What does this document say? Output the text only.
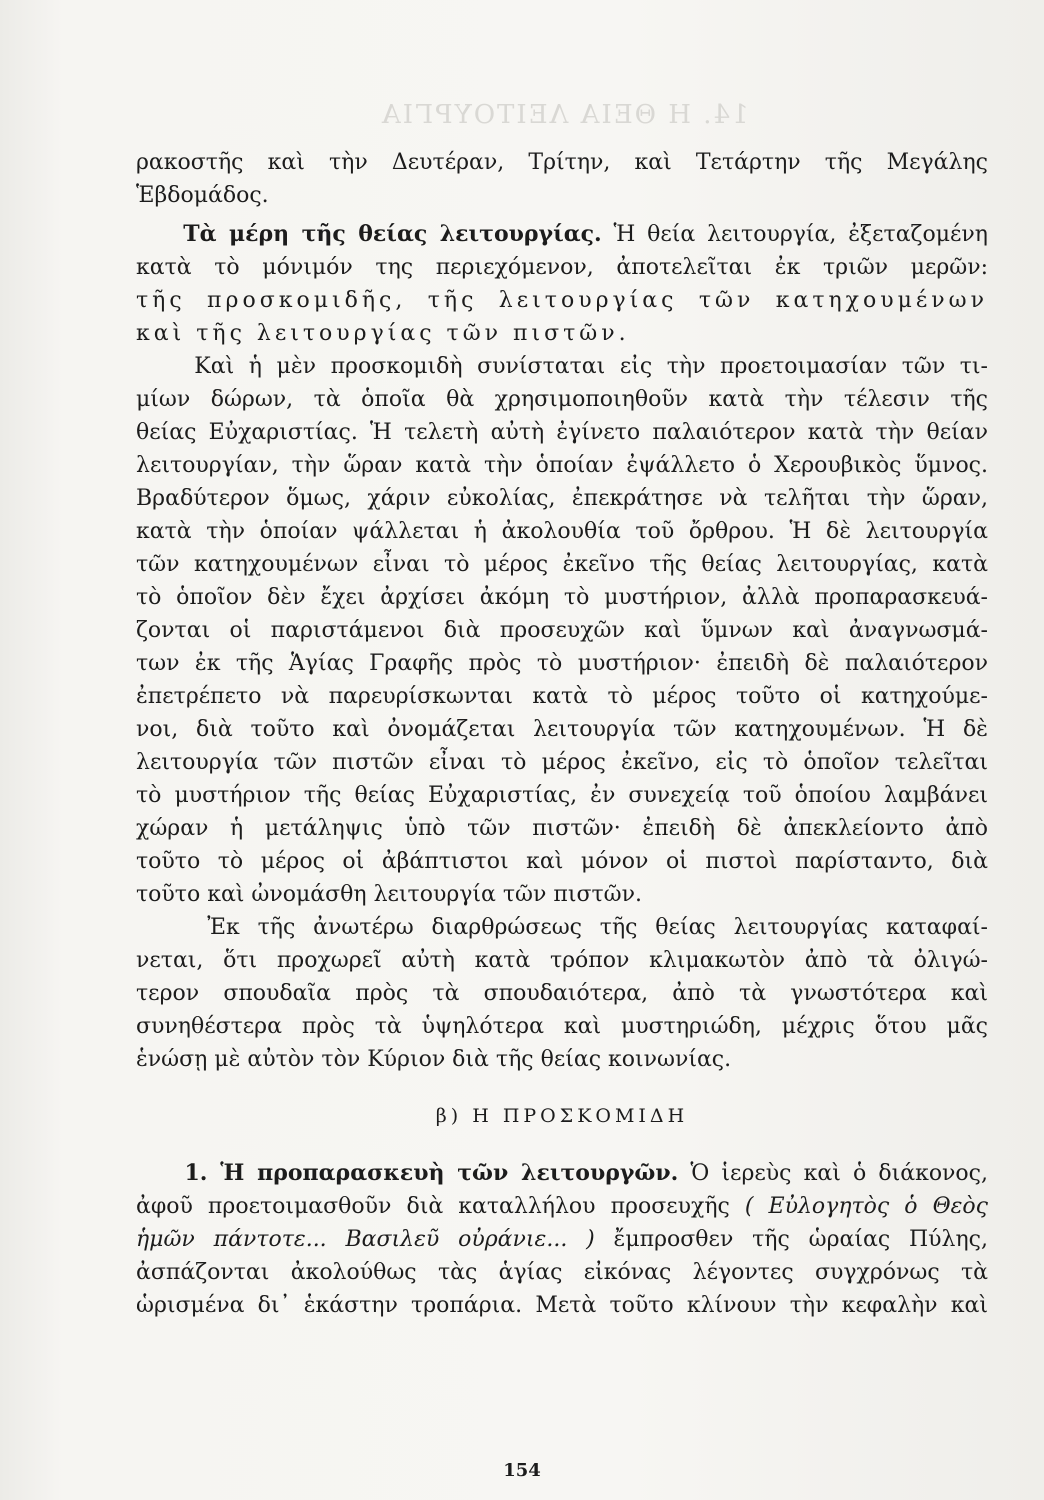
14. Η ΘΕΙΑ ΛΕΙΤΟΥΡΓΙΑ
ρακοστῆς καὶ τὴν Δευτέραν, Τρίτην, καὶ Τετάρτην τῆς Μεγάλης
Ἑβδομάδος.
Τὰ μέρη τῆς θείας λειτουργίας. Ἡ θεία λειτουργία, ἐξεταζομένη
κατὰ τὸ μόνιμόν της περιεχόμενον, ἀποτελεῖται ἐκ τριῶν μερῶν:
τῆς προσκομιδῆς, τῆς λειτουργίας τῶν κατηχουμένων
καὶ τῆς λειτουργίας τῶν πιστῶν.
Καὶ ἡ μὲν προσκομιδὴ συνίσταται εἰς τὴν προετοιμασίαν τῶν τι-
μίων δώρων, τὰ ὁποῖα θὰ χρησιμοποιηθοῦν κατὰ τὴν τέλεσιν τῆς
θείας Εὐχαριστίας. Ἡ τελετὴ αὐτὴ ἐγίνετο παλαιότερον κατὰ τὴν θείαν
λειτουργίαν, τὴν ὥραν κατὰ τὴν ὁποίαν ἐψάλλετο ὁ Χερουβικὸς ὕμνος.
Βραδύτερον ὅμως, χάριν εὐκολίας, ἐπεκράτησε νὰ τελῆται τὴν ὥραν,
κατὰ τὴν ὁποίαν ψάλλεται ἡ ἀκολουθία τοῦ ὄρθρου. Ἡ δὲ λειτουργία
τῶν κατηχουμένων εἶναι τὸ μέρος ἐκεῖνο τῆς θείας λειτουργίας, κατὰ
τὸ ὁποῖον δὲν ἔχει ἀρχίσει ἀκόμη τὸ μυστήριον, ἀλλὰ προπαρασκευά-
ζονται οἱ παριστάμενοι διὰ προσευχῶν καὶ ὕμνων καὶ ἀναγνωσμά-
των ἐκ τῆς Ἁγίας Γραφῆς πρὸς τὸ μυστήριον· ἐπειδὴ δὲ παλαιότερον
ἐπετρέπετο νὰ παρευρίσκωνται κατὰ τὸ μέρος τοῦτο οἱ κατηχούμε-
νοι, διὰ τοῦτο καὶ ὀνομάζεται λειτουργία τῶν κατηχουμένων. Ἡ δὲ
λειτουργία τῶν πιστῶν εἶναι τὸ μέρος ἐκεῖνο, εἰς τὸ ὁποῖον τελεῖται
τὸ μυστήριον τῆς θείας Εὐχαριστίας, ἐν συνεχείᾳ τοῦ ὁποίου λαμβάνει
χώραν ἡ μετάληψις ὑπὸ τῶν πιστῶν· ἐπειδὴ δὲ ἀπεκλείοντο ἀπὸ
τοῦτο τὸ μέρος οἱ ἀβάπτιστοι καὶ μόνον οἱ πιστοὶ παρίσταντο, διὰ
τοῦτο καὶ ὠνομάσθη λειτουργία τῶν πιστῶν.
Ἐκ τῆς ἀνωτέρω διαρθρώσεως τῆς θείας λειτουργίας καταφαί-
νεται, ὅτι προχωρεῖ αὐτὴ κατὰ τρόπον κλιμακωτὸν ἀπὸ τὰ ὀλιγώ-
τερον σπουδαῖα πρὸς τὰ σπουδαιότερα, ἀπὸ τὰ γνωστότερα καὶ
συνηθέστερα πρὸς τὰ ὑψηλότερα καὶ μυστηριώδη, μέχρις ὅτου μᾶς
ἑνώσῃ μὲ αὐτὸν τὸν Κύριον διὰ τῆς θείας κοινωνίας.
β) Η ΠΡΟΣΚΟΜΙΔΗ
1. Ἡ προπαρασκευὴ τῶν λειτουργῶν. Ὁ ἱερεὺς καὶ ὁ διάκονος,
ἀφοῦ προετοιμασθοῦν διὰ καταλλήλου προσευχῆς ( Εὐλογητὸς ὁ Θεὸς
ἡμῶν πάντοτε... Βασιλεῦ οὐράνιε... ) ἔμπροσθεν τῆς ὡραίας Πύλης,
ἀσπάζονται ἀκολούθως τὰς ἁγίας εἰκόνας λέγοντες συγχρόνως τὰ
ὡρισμένα δι᾽ ἑκάστην τροπάρια. Μετὰ τοῦτο κλίνουν τὴν κεφαλὴν καὶ
154
